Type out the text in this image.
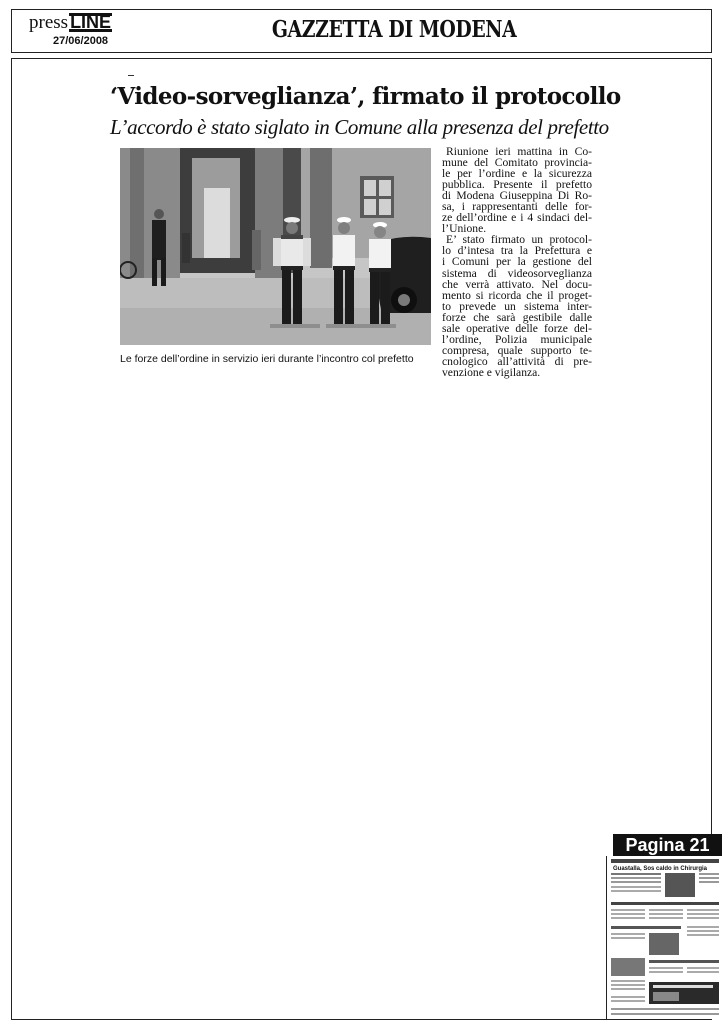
press LINE
27/06/2008	GAZZETTA DI MODENA
‘Video-sorveglianza’, firmato il protocollo
L’accordo è stato siglato in Comune alla presenza del prefetto
Le forze dell’ordine in servizio ieri durante l’incontro col prefetto
Riunione ieri mattina in Co-
mune del Comitato provincia-
le per l’ordine e la sicurezza
pubblica. Presente il prefetto
di Modena Giuseppina Di Ro-
sa, i rappresentanti delle for-
ze dell’ordine e i 4 sindaci del-
l’Unione.
E’ stato firmato un protocol-
lo d’intesa tra la Prefettura e
i Comuni per la gestione del
sistema di videosorveglianza
che verrà attivato. Nel docu-
mento si ricorda che il proget-
to prevede un sistema inter-
forze che sarà gestibile dalle
sale operative delle forze del-
l’ordine, Polizia municipale
compresa, quale supporto te-
cnologico all’attività di pre-
venzione e vigilanza.
Pagina 21
Guastalla, Sos caldo in Chirurgia
